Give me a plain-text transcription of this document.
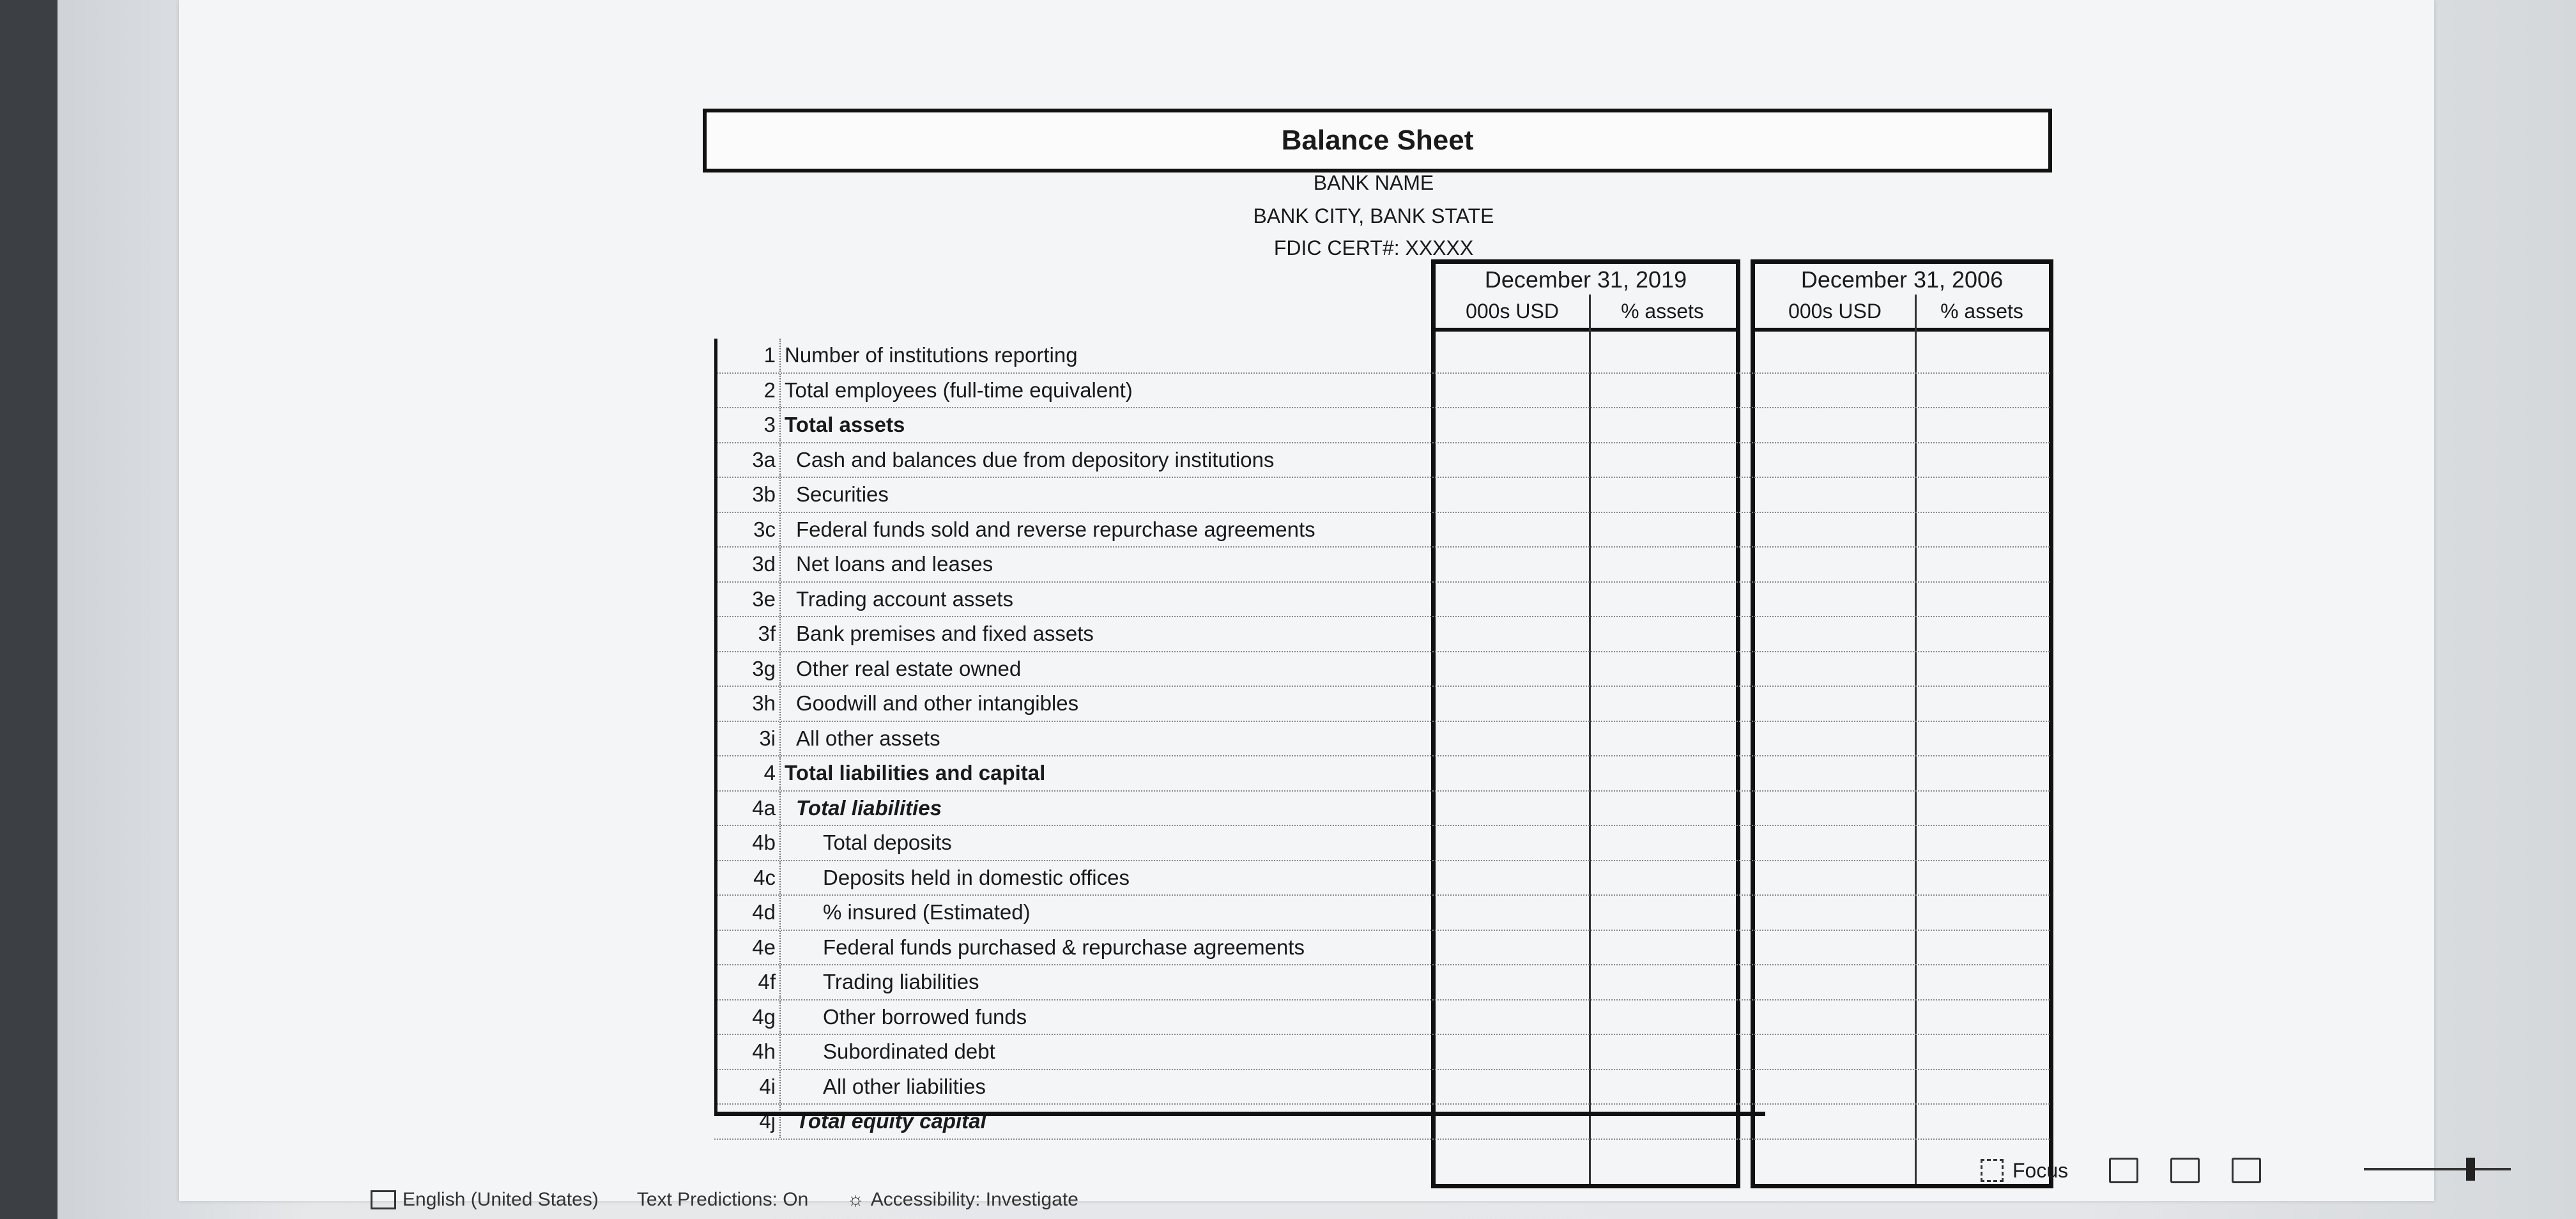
Balance Sheet
BANK NAME
BANK CITY, BANK STATE
FDIC CERT#: XXXXX
December 31, 2019
000s USD	% assets
December 31, 2006
000s USD	% assets
1 Number of institutions reporting
2 Total employees (full-time equivalent)
3 Total assets
3a Cash and balances due from depository institutions
3b Securities
3c Federal funds sold and reverse repurchase agreements
3d Net loans and leases
3e Trading account assets
3f Bank premises and fixed assets
3g Other real estate owned
3h Goodwill and other intangibles
3i All other assets
4 Total liabilities and capital
4a Total liabilities
4b Total deposits
4c Deposits held in domestic offices
4d % insured (Estimated)
4e Federal funds purchased & repurchase agreements
4f Trading liabilities
4g Other borrowed funds
4h Subordinated debt
4i All other liabilities
4j Total equity capital
Focus
English (United States) Text Predictions: On ☼ Accessibility: Investigate
